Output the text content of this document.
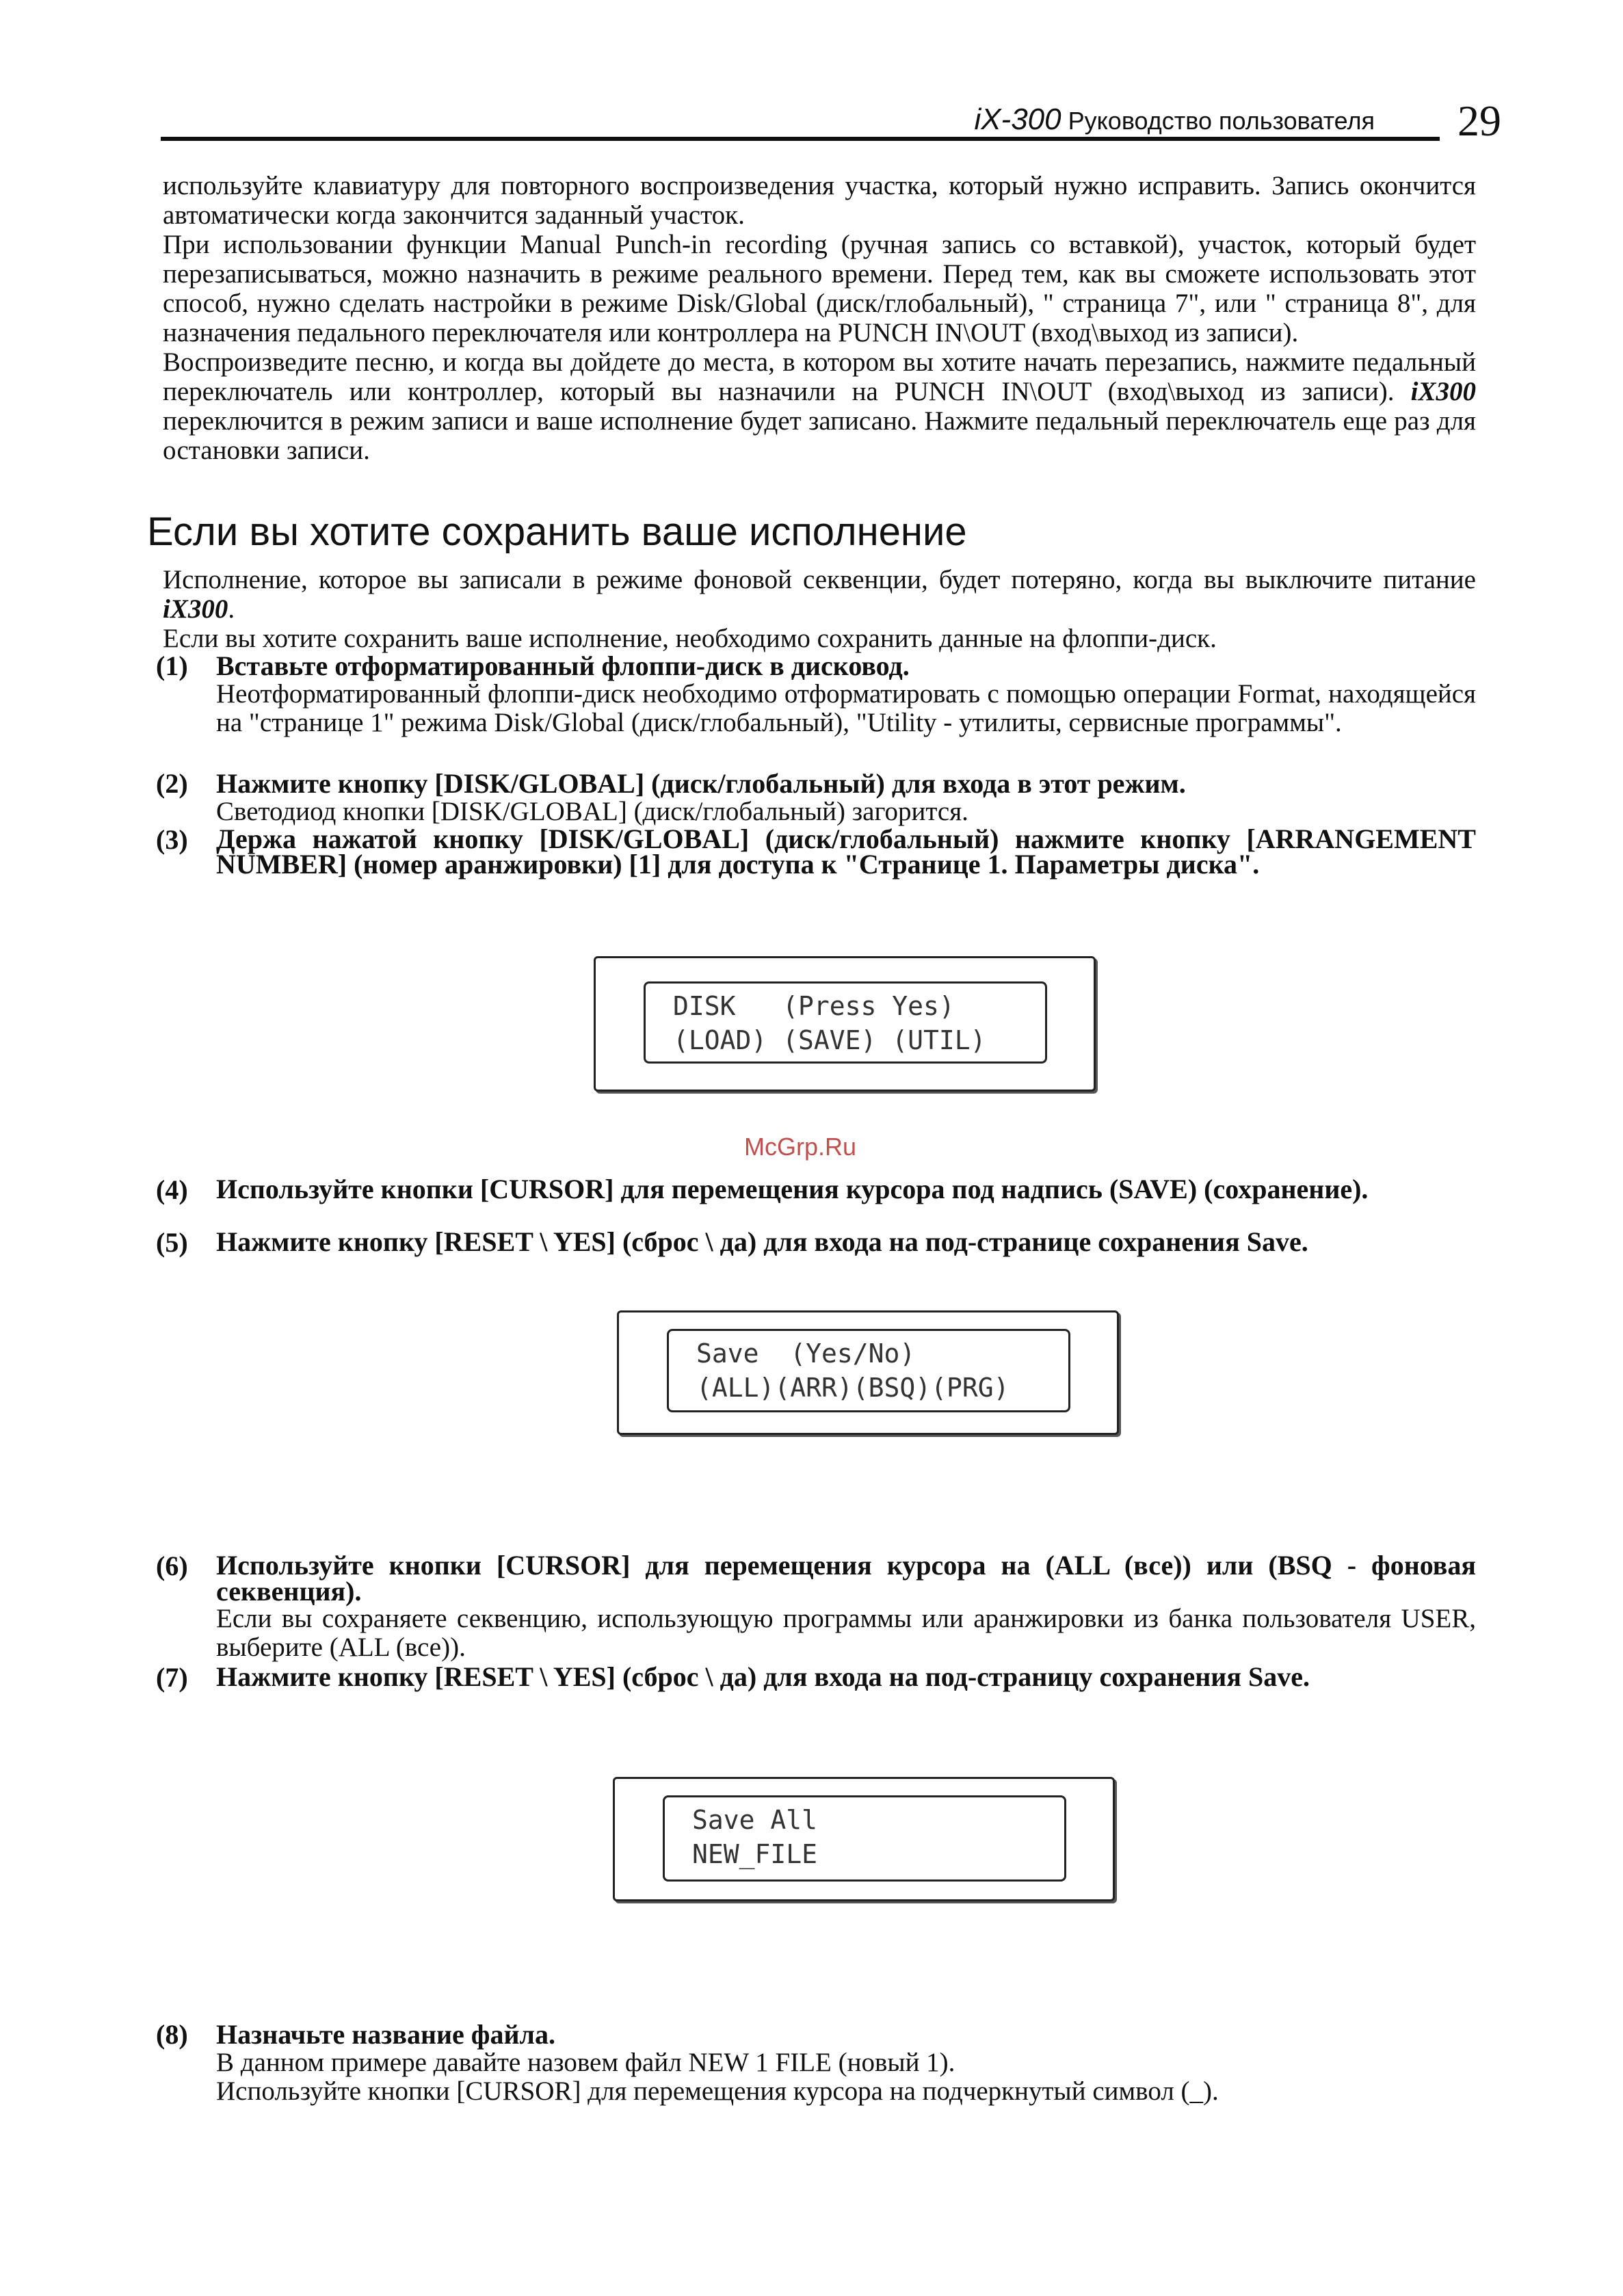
iX-300 Руководство пользователя 29

используйте клавиатуру для повторного воспроизведения участка, который нужно исправить. Запись окончится автоматически когда закончится заданный участок.

При использовании функции Manual Punch-in recording (ручная запись со вставкой), участок, который будет перезаписываться, можно назначить в режиме реального времени. Перед тем, как вы сможете использовать этот способ, нужно сделать настройки в режиме Disk/Global (диск/глобальный), " страница 7", или " страница 8", для назначения педального переключателя или контроллера на PUNCH IN\OUT (вход\выход из записи).

Воспроизведите песню, и когда вы дойдете до места, в котором вы хотите начать перезапись, нажмите педальный переключатель или контроллер, который вы назначили на PUNCH IN\OUT (вход\выход из записи). iX300 переключится в режим записи и ваше исполнение будет записано. Нажмите педальный переключатель еще раз для остановки записи.

Если вы хотите сохранить ваше исполнение

Исполнение, которое вы записали в режиме фоновой секвенции, будет потеряно, когда вы выключите питание iX300.

Если вы хотите сохранить ваше исполнение, необходимо сохранить данные на флоппи-диск.

(1) Вставьте отформатированный флоппи-диск в дисковод.
Неотформатированный флоппи-диск необходимо отформатировать с помощью операции Format, находящейся на "странице 1" режима Disk/Global (диск/глобальный), "Utility - утилиты, сервисные программы".
(2) Нажмите кнопку [DISK/GLOBAL] (диск/глобальный) для входа в этот режим.
Светодиод кнопки [DISK/GLOBAL] (диск/глобальный) загорится.
(3) Держа нажатой кнопку [DISK/GLOBAL] (диск/глобальный) нажмите кнопку [ARRANGEMENT NUMBER] (номер аранжировки) [1] для доступа к "Странице 1. Параметры диска".
DISK   (Press Yes)
(LOAD) (SAVE) (UTIL)
McGrp.Ru
(4) Используйте кнопки [CURSOR] для перемещения курсора под надпись (SAVE) (сохранение).
(5) Нажмите кнопку [RESET \ YES] (сброс \ да) для входа на под-странице сохранения Save.
Save  (Yes/No)
(ALL)(ARR)(BSQ)(PRG)
(6) Используйте кнопки [CURSOR] для перемещения курсора на (ALL (все)) или (BSQ - фоновая секвенция).
Если вы сохраняете секвенцию, использующую программы или аранжировки из банка пользователя USER, выберите (ALL (все)).
(7) Нажмите кнопку [RESET \ YES] (сброс \ да) для входа на под-страницу сохранения Save.
Save All
NEW_FILE
(8) Назначьте название файла.
В данном примере давайте назовем файл NEW 1 FILE (новый 1).
Используйте кнопки [CURSOR] для перемещения курсора на подчеркнутый символ (_).
